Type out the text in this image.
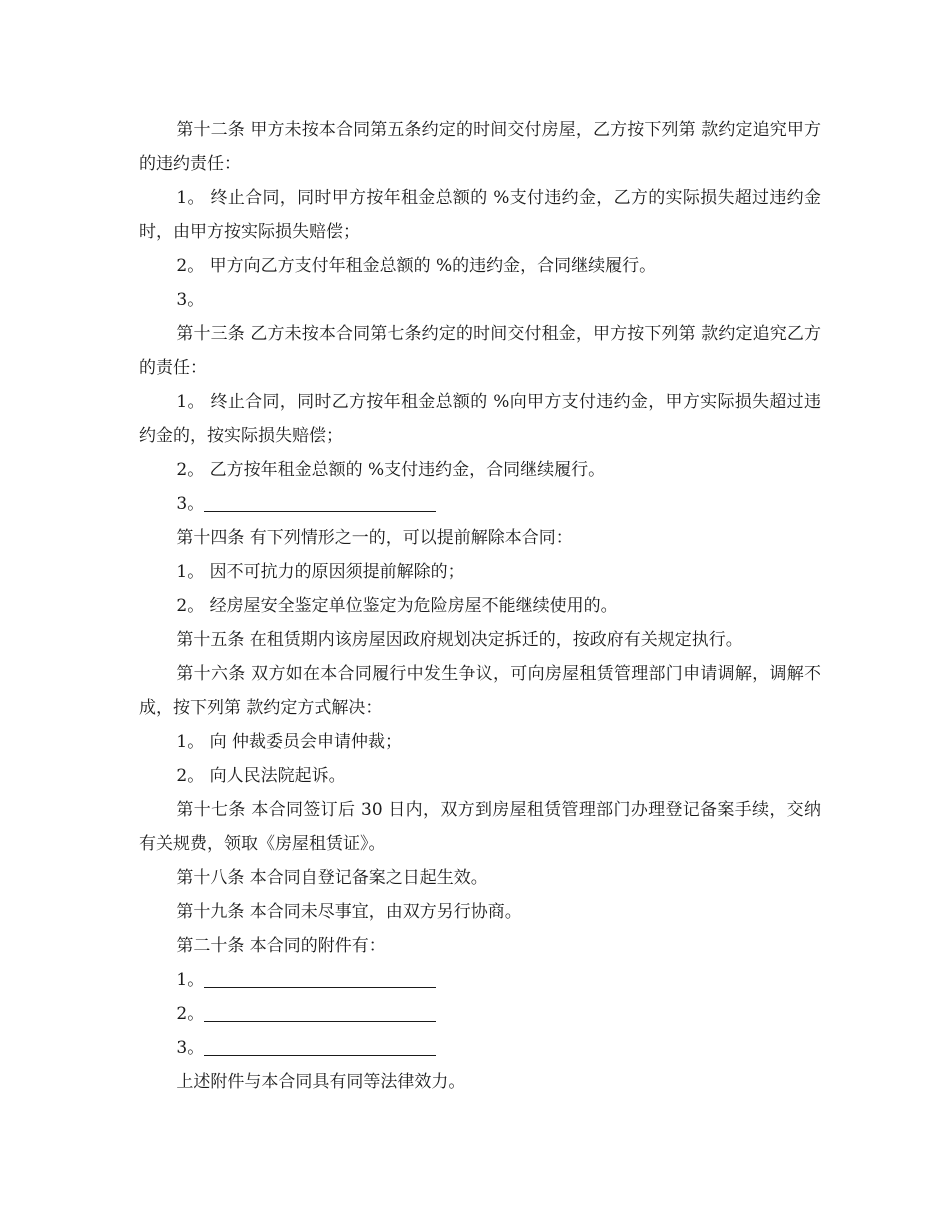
第十二条 甲方未按本合同第五条约定的时间交付房屋，乙方按下列第 款约定追究甲方的违约责任：

1。 终止合同，同时甲方按年租金总额的 %支付违约金，乙方的实际损失超过违约金时，由甲方按实际损失赔偿；

2。 甲方向乙方支付年租金总额的 %的违约金，合同继续履行。

3。

第十三条 乙方未按本合同第七条约定的时间交付租金，甲方按下列第 款约定追究乙方的责任：

1。 终止合同，同时乙方按年租金总额的 %向甲方支付违约金，甲方实际损失超过违约金的，按实际损失赔偿；

2。 乙方按年租金总额的 %支付违约金，合同继续履行。

3。

第十四条 有下列情形之一的，可以提前解除本合同：

1。 因不可抗力的原因须提前解除的；

2。 经房屋安全鉴定单位鉴定为危险房屋不能继续使用的。

第十五条 在租赁期内该房屋因政府规划决定拆迁的，按政府有关规定执行。

第十六条 双方如在本合同履行中发生争议，可向房屋租赁管理部门申请调解，调解不成，按下列第 款约定方式解决：

1。 向 仲裁委员会申请仲裁；

2。 向人民法院起诉。

第十七条 本合同签订后 30 日内，双方到房屋租赁管理部门办理登记备案手续，交纳有关规费，领取《房屋租赁证》。

第十八条 本合同自登记备案之日起生效。

第十九条 本合同未尽事宜，由双方另行协商。

第二十条 本合同的附件有：

1。

2。

3。

上述附件与本合同具有同等法律效力。
